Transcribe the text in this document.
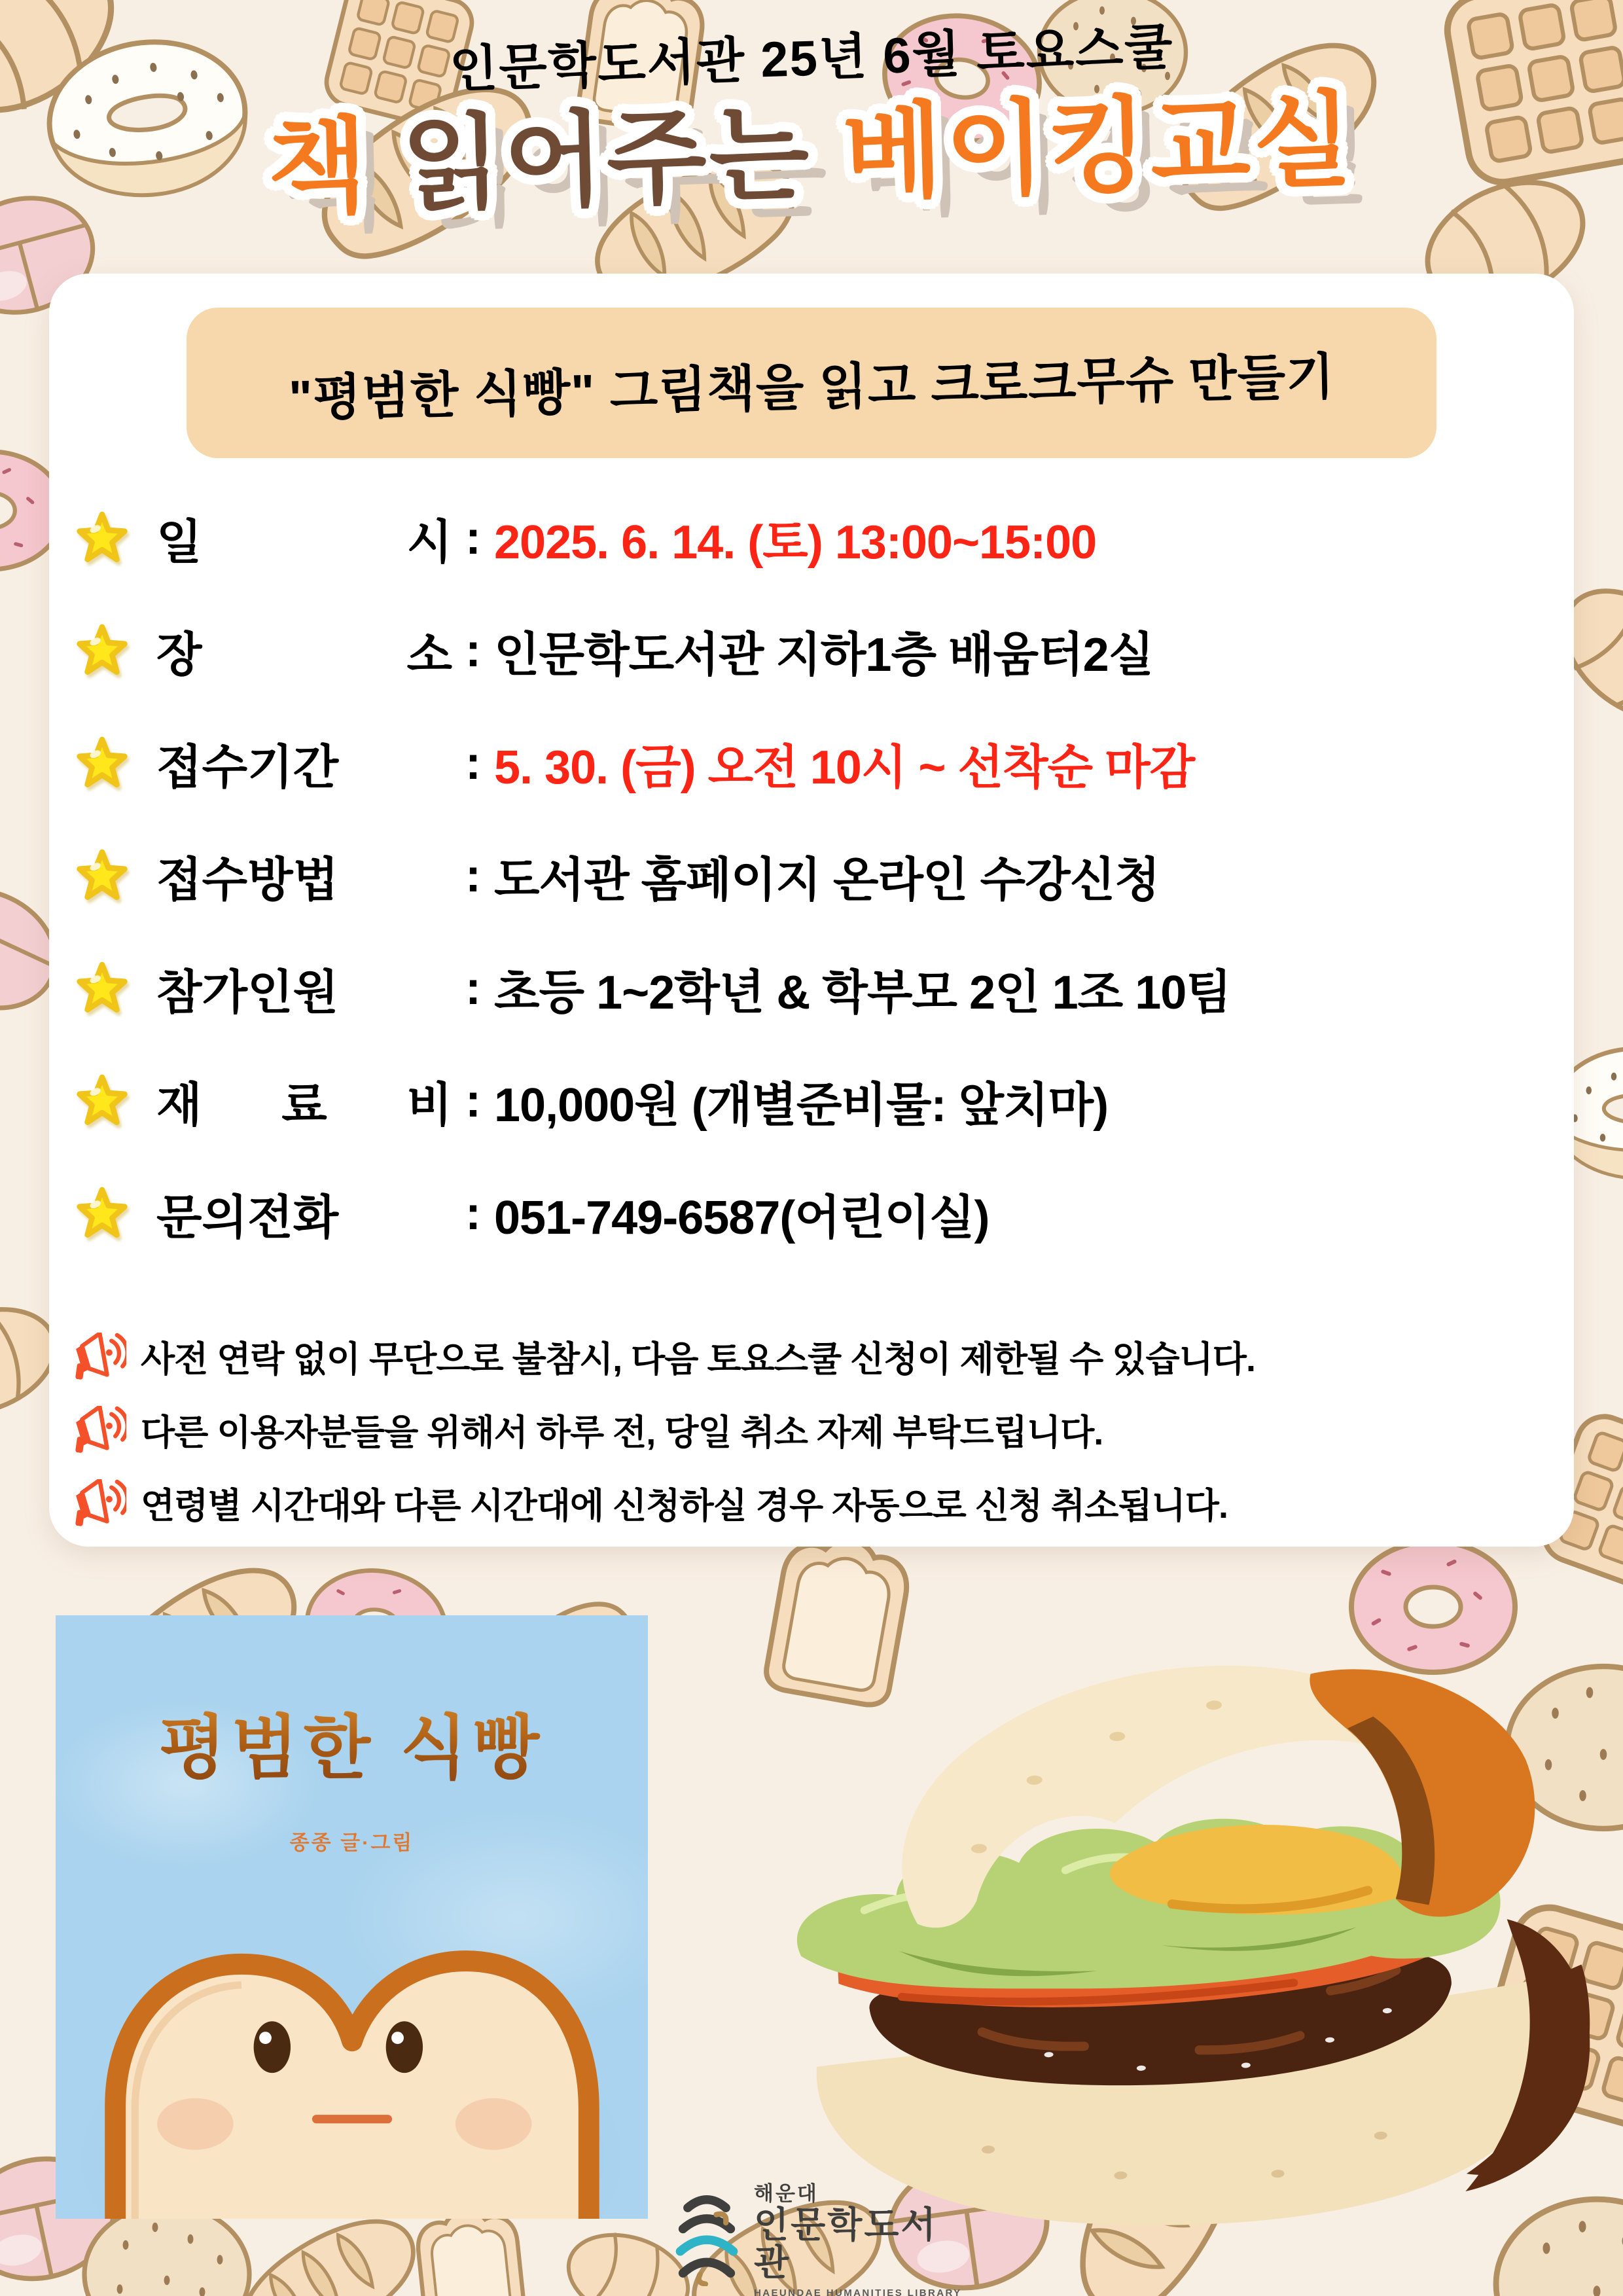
인문학도서관 25년 6월 토요스쿨
책 읽어주는 베이킹교실
"평범한 식빵" 그림책을 읽고 크로크무슈 만들기
일 시 : 2025. 6. 14. (토) 13:00~15:00
장 소 : 인문학도서관 지하1층 배움터2실
접수기간	: 5. 30. (금) 오전 10시 ~ 선착순 마감
접수방법	: 도서관 홈페이지 온라인 수강신청
참가인원	: 초등 1~2학년 & 학부모 2인 1조 10팀
재 료 비 : 10,000원 (개별준비물: 앞치마)
문의전화	: 051-749-6587(어린이실)
사전 연락 없이 무단으로 불참시, 다음 토요스쿨 신청이 제한될 수 있습니다.
다른 이용자분들을 위해서 하루 전, 당일 취소 자제 부탁드립니다.
연령별 시간대와 다른 시간대에 신청하실 경우 자동으로 신청 취소됩니다.
평범한 식빵
종종 글·그림
해운대
인문학도서관
HAEUNDAE HUMANITIES LIBRARY
